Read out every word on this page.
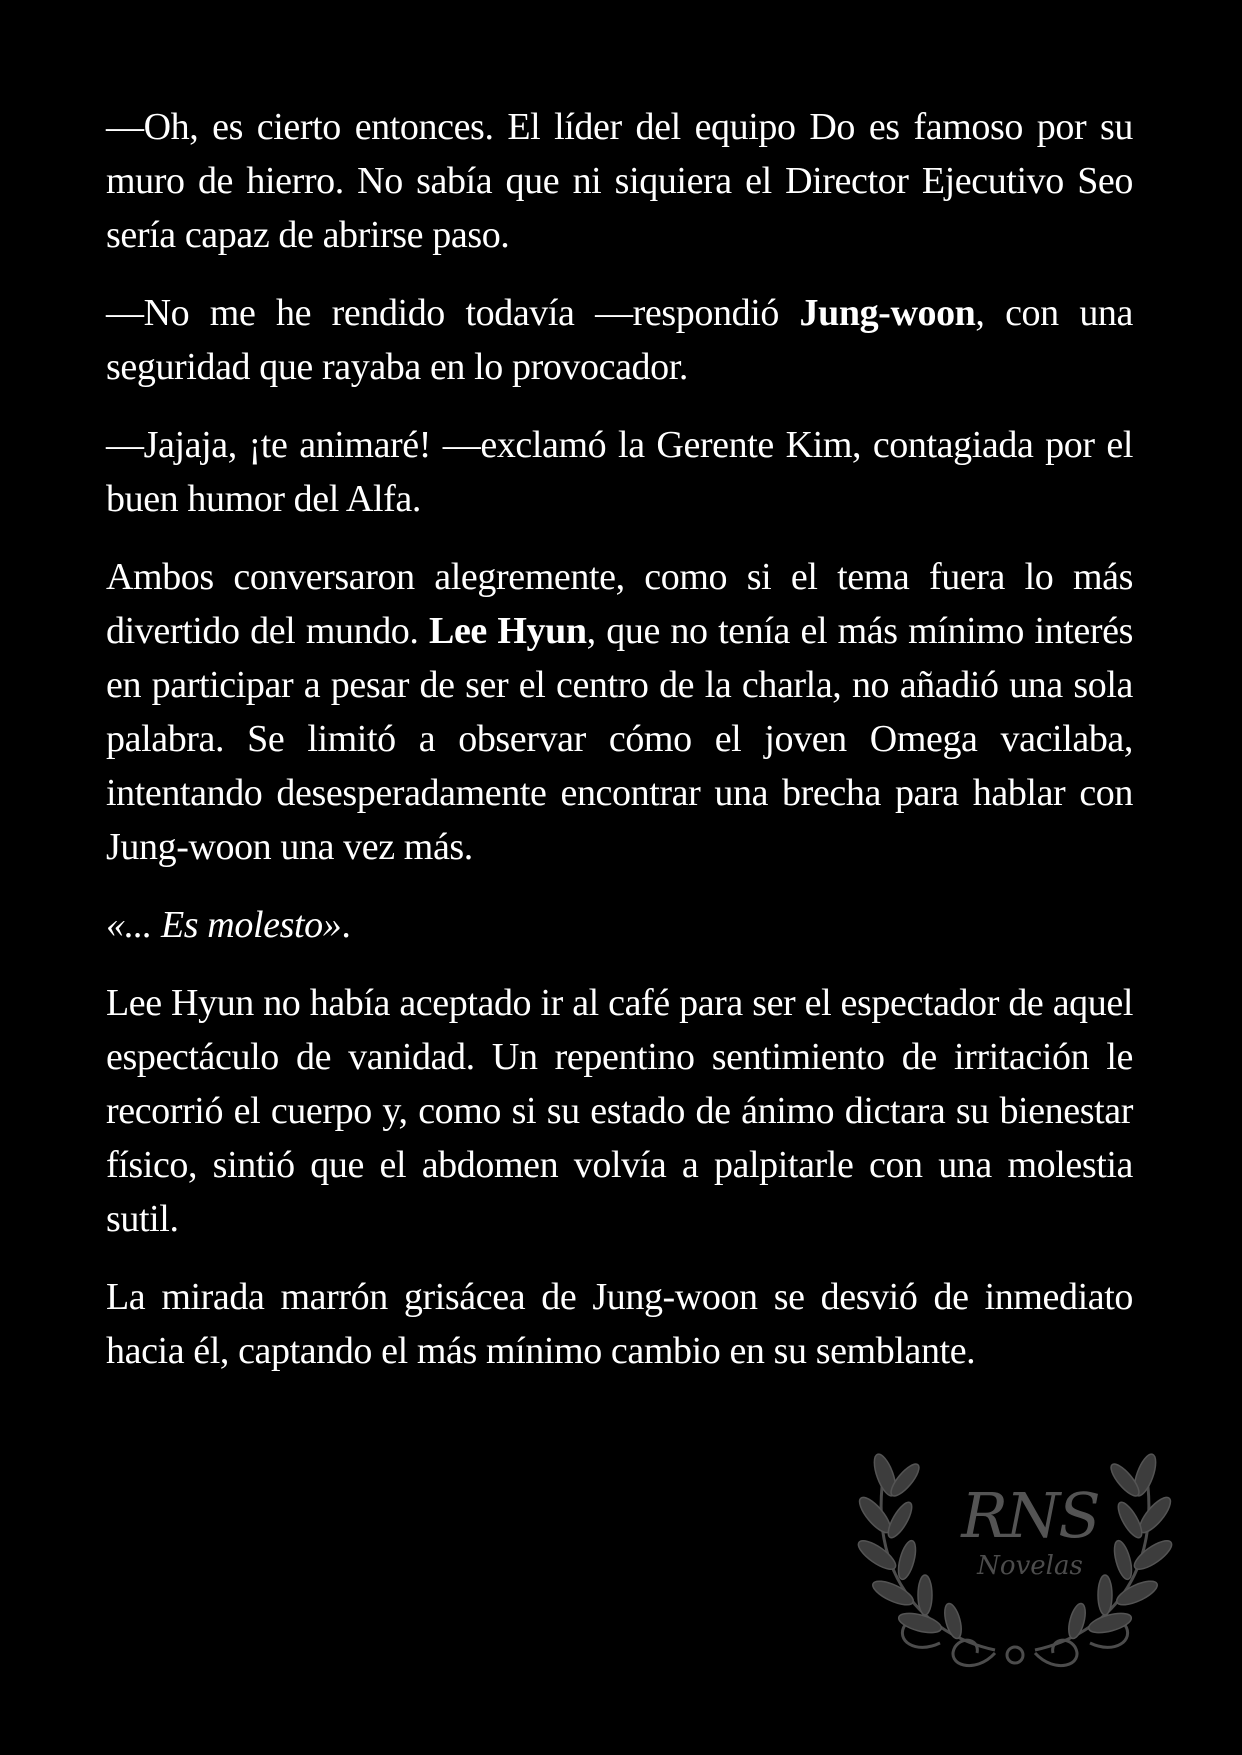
—Oh, es cierto entonces. El líder del equipo Do es famoso por su muro de hierro. No sabía que ni siquiera el Director Ejecutivo Seo sería capaz de abrirse paso.

—No me he rendido todavía —respondió Jung-woon, con una seguridad que rayaba en lo provocador.

—Jajaja, ¡te animaré! —exclamó la Gerente Kim, contagiada por el buen humor del Alfa.

Ambos conversaron alegremente, como si el tema fuera lo más divertido del mundo. Lee Hyun, que no tenía el más mínimo interés en participar a pesar de ser el centro de la charla, no añadió una sola palabra. Se limitó a observar cómo el joven Omega vacilaba, intentando desesperadamente encontrar una brecha para hablar con Jung-woon una vez más.

«... Es molesto».

Lee Hyun no había aceptado ir al café para ser el espectador de aquel espectáculo de vanidad. Un repentino sentimiento de irritación le recorrió el cuerpo y, como si su estado de ánimo dictara su bienestar físico, sintió que el abdomen volvía a palpitarle con una molestia sutil.

La mirada marrón grisácea de Jung-woon se desvió de inmediato hacia él, captando el más mínimo cambio en su semblante.

RNS
Novelas
